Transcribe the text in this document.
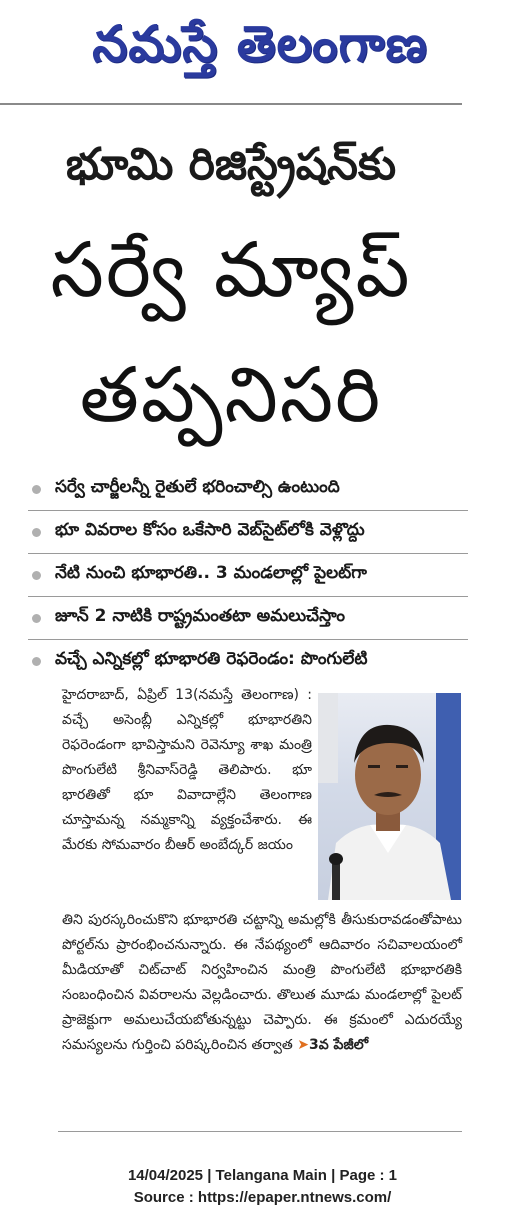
నమస్తే తెలంగాణ
భూమి రిజిస్ట్రేషన్‌కు
సర్వే మ్యాప్
తప్పనిసరి
సర్వే చార్జీలన్నీ రైతులే భరించాల్సి ఉంటుంది
భూ వివరాల కోసం ఒకేసారి వెబ్‌సైట్‌లోకి వెళ్లొద్దు
నేటి నుంచి భూభారతి.. 3 మండలాల్లో పైలట్‌గా
జూన్ 2 నాటికి రాష్ట్రమంతటా అమలుచేస్తాం
వచ్చే ఎన్నికల్లో భూభారతి రెఫరెండం: పొంగులేటి
హైదరాబాద్, ఏప్రిల్ 13(నమస్తే తెలంగాణ) : వచ్చే అసెంబ్లీ ఎన్నికల్లో భూభారతిని రెఫరెండంగా భావిస్తామని రెవెన్యూ శాఖ మంత్రి పొంగులేటి శ్రీనివాస్‌రెడ్డి తెలిపారు. భూ భారతితో భూ వివాదాల్లేని తెలంగాణ చూస్తామన్న నమ్మకాన్ని వ్యక్తంచేశారు. ఈ మేరకు సోమవారం బీఆర్ అంబేద్కర్ జయం
తిని పురస్కరించుకొని భూభారతి చట్టాన్ని అమల్లోకి తీసుకురావడంతోపాటు పోర్టల్‌ను ప్రారంభించనున్నారు. ఈ నేపథ్యంలో ఆదివారం సచివాలయంలో మీడియాతో చిట్‌చాట్ నిర్వహించిన మంత్రి పొంగులేటి భూభారతికి సంబంధించిన వివరాలను వెల్లడించారు. తొలుత మూడు మండలాల్లో పైలట్ ప్రాజెక్టుగా అమలుచేయబోతున్నట్టు చెప్పారు. ఈ క్రమంలో ఎదురయ్యే సమస్యలను గుర్తించి పరిష్కరించిన తర్వాత ➤3వ పేజీలో
14/04/2025 | Telangana Main | Page : 1
Source : https://epaper.ntnews.com/
